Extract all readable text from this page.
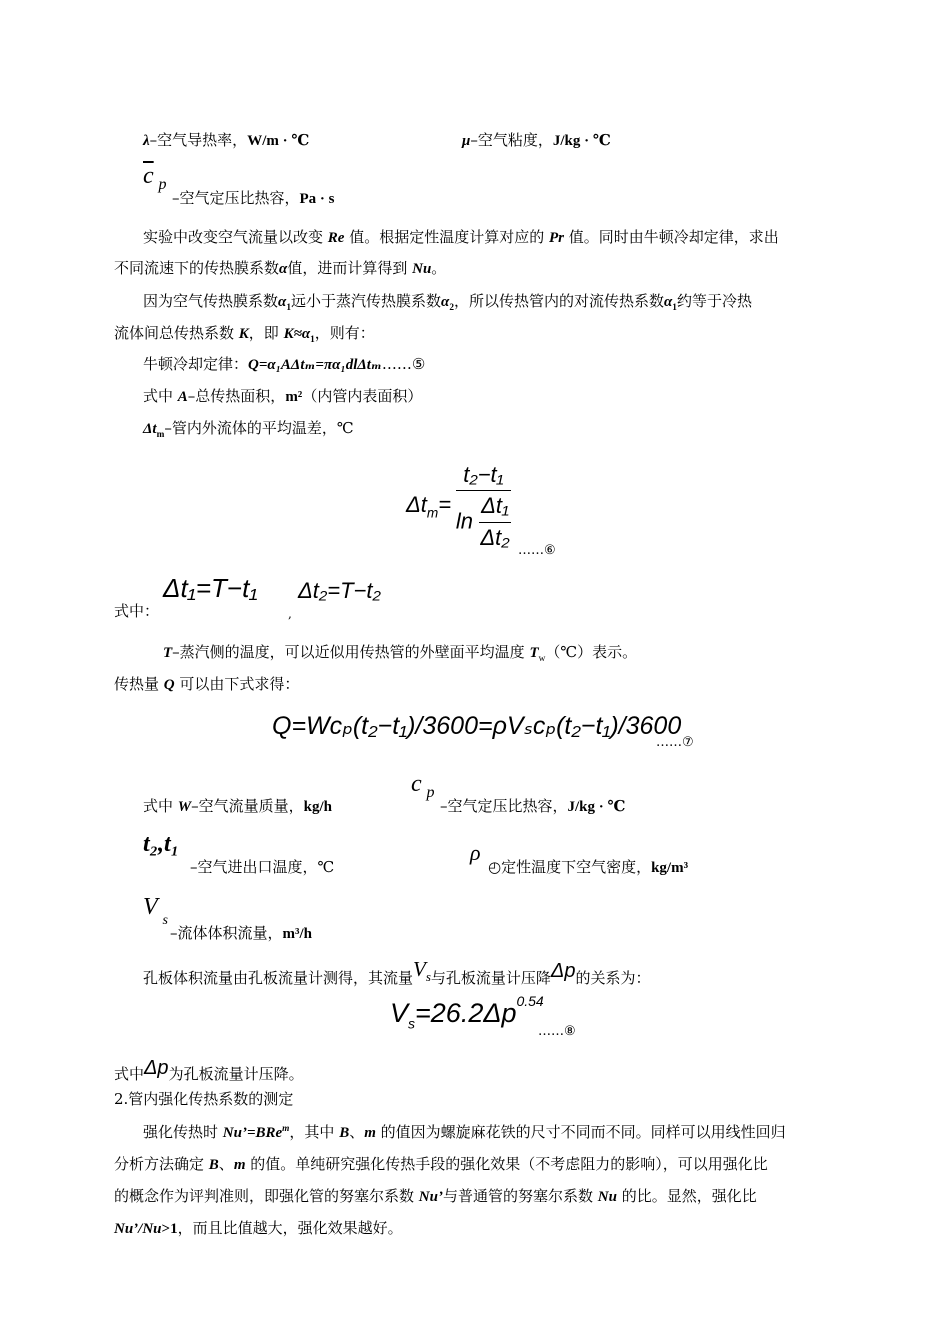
λ–空气导热率，W/m · ℃	μ–空气粘度，J/kg · ℃
$\overline{c}$ p
–空气定压比热容，Pa · s
实验中改变空气流量以改变 Re 值。根据定性温度计算对应的 Pr 值。同时由牛顿冷却定律，求出
不同流速下的传热膜系数α值，进而计算得到 Nu。
因为空气传热膜系数$\alpha_1$远小于蒸汽传热膜系数$\alpha_2$，所以传热管内的对流传热系数$\alpha_1$约等于冷热
流体间总传热系数 K，即 $K\approx\alpha_1$，则有：
牛顿冷却定律：Q=α₁AΔtₘ=πα₁dlΔtₘ……⑤
式中 A–总传热面积，m²（内管内表面积）
$\Delta t_m-$管内外流体的平均温差，℃
$\Delta t_m= \frac{\text{t₂−t₁}}{\ln \frac{\text{Δt₁}}{\text{Δt₂}}}$ ……⑥
式中：
Δt₁=T−t₁
,
Δt₂=T−t₂
T–蒸汽侧的温度，可以近似用传热管的外壁面平均温度 $T_w(℃)$表示。
传热量 Q 可以由下式求得：
Q=Wcₚ(t₂−t₁)/3600=ρVₛcₚ(t₂−t₁)/3600
……⑦
式中 W–空气流量质量，kg/h
c p
–空气定压比热容，J/kg · ℃
t₂,t₁
–空气进出口温度，℃
ρ
◴定性温度下空气密度，kg/m³
V s
–流体体积流量，m³/h
孔板体积流量由孔板流量计测得，其流量Vs与孔板流量计压降Δp的关系为：
$V_s=26.2\Delta p^{0.54}$
……⑧
式中Δp为孔板流量计压降。
2.管内强化传热系数的测定
强化传热时 Nu’=BRe$^m$，其中 B、m 的值因为螺旋麻花铁的尺寸不同而不同。同样可以用线性回归
分析方法确定 B、m 的值。单纯研究强化传热手段的强化效果（不考虑阻力的影响），可以用强化比
的概念作为评判准则，即强化管的努塞尔系数 Nu’与普通管的努塞尔系数 Nu 的比。显然，强化比
Nu’/Nu>1，而且比值越大，强化效果越好。
